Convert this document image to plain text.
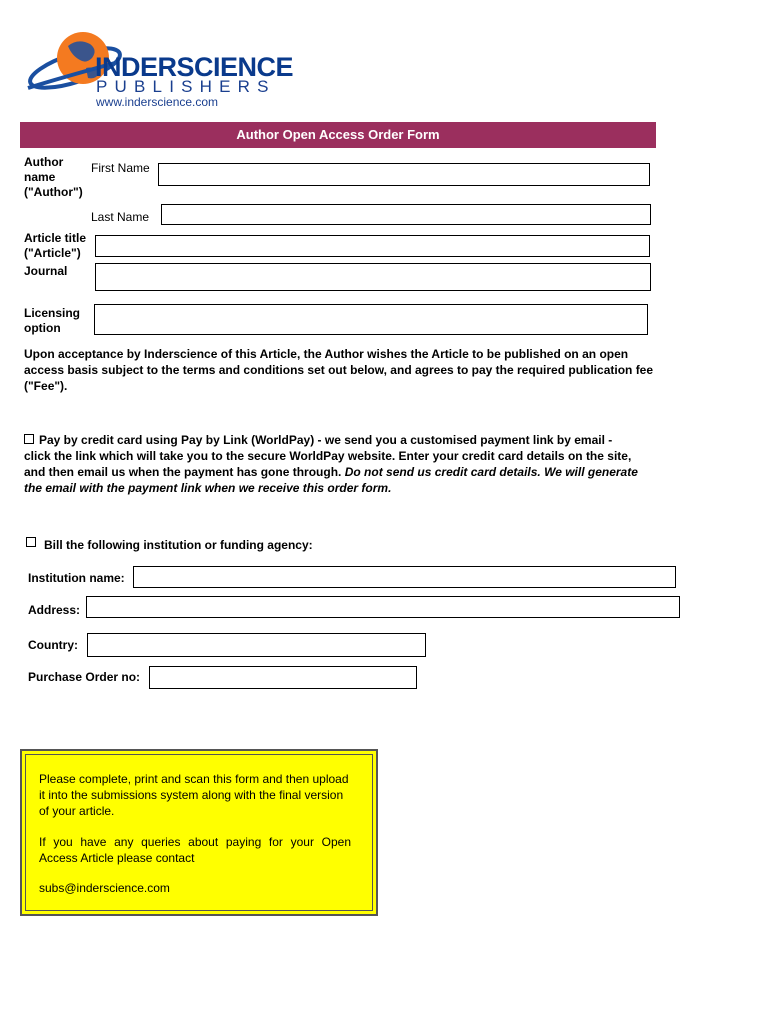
INDERSCIENCE
PUBLISHERS
www.inderscience.com
Author Open Access Order Form
Author name ("Author")
First Name
Last Name
Article title ("Article")
Journal
Licensing option
Upon acceptance by Inderscience of this Article, the Author wishes the Article to be published on an open access basis subject to the terms and conditions set out below, and agrees to pay the required publication fee ("Fee").
Pay by credit card using Pay by Link (WorldPay) - we send you a customised payment link by email - click the link which will take you to the secure WorldPay website. Enter your credit card details on the site, and then email us when the payment has gone through. Do not send us credit card details. We will generate the email with the payment link when we receive this order form.
Bill the following institution or funding agency:
Institution name:
Address:
Country:
Purchase Order no:
Please complete, print and scan this form and then upload it into the submissions system along with the final version of your article.
If you have any queries about paying for your Open Access Article please contact
subs@inderscience.com
